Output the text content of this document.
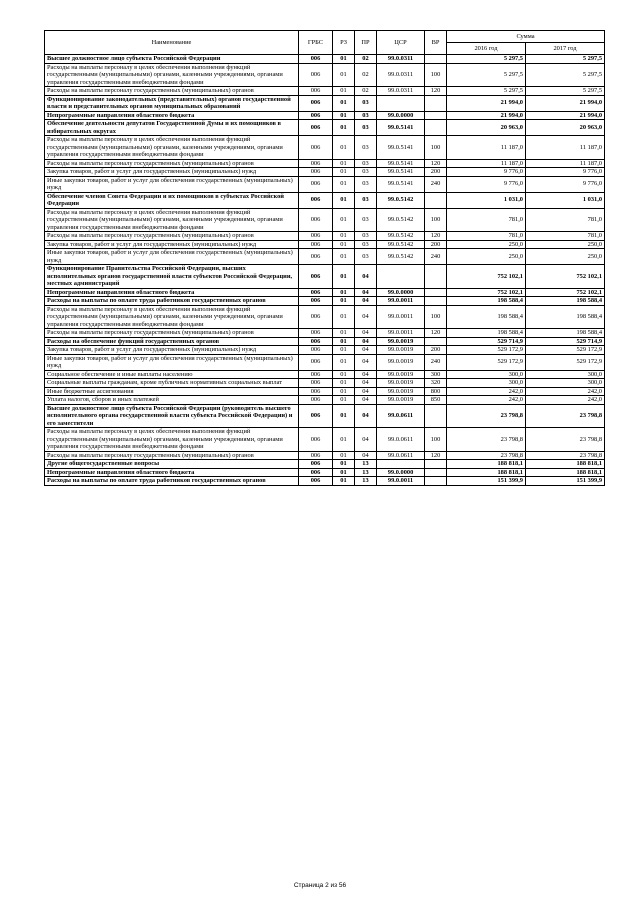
Наименование	ГРБС	РЗ	ПР	ЦСР	ВР	Сумма	
						2016 год	2017 год
Высшее должностное лицо субъекта Российской Федерации	006	01	02	99.0.0311		5 297,5	5 297,5
Расходы на выплаты персоналу в целях обеспечения выполнения функций государственными (муниципальными) органами, казенными учреждениями, органами управления государственными внебюджетными фондами	006	01	02	99.0.0311	100	5 297,5	5 297,5
Расходы на выплаты персоналу государственных (муниципальных) органов	006	01	02	99.0.0311	120	5 297,5	5 297,5
Функционирование законодательных (представительных) органов государственной власти и представительных органов муниципальных образований	006	01	03			21 994,0	21 994,0
Непрограммные направления областного бюджета	006	01	03	99.0.0000		21 994,0	21 994,0
Обеспечение деятельности депутатов Государственной Думы и их помощников в избирательных округах	006	01	03	99.0.5141		20 963,0	20 963,0
Расходы на выплаты персоналу в целях обеспечения выполнения функций государственными (муниципальными) органами, казенными учреждениями, органами управления государственными внебюджетными фондами	006	01	03	99.0.5141	100	11 187,0	11 187,0
Расходы на выплаты персоналу государственных (муниципальных) органов	006	01	03	99.0.5141	120	11 187,0	11 187,0
Закупка товаров, работ и услуг для государственных (муниципальных) нужд	006	01	03	99.0.5141	200	9 776,0	9 776,0
Иные закупки товаров, работ и услуг для обеспечения государственных (муниципальных) нужд	006	01	03	99.0.5141	240	9 776,0	9 776,0
Обеспечение членов Совета Федерации и их помощников в субъектах Российской Федерации	006	01	03	99.0.5142		1 031,0	1 031,0
Расходы на выплаты персоналу в целях обеспечения выполнения функций государственными (муниципальными) органами, казенными учреждениями, органами управления государственными внебюджетными фондами	006	01	03	99.0.5142	100	781,0	781,0
Расходы на выплаты персоналу государственных (муниципальных) органов	006	01	03	99.0.5142	120	781,0	781,0
Закупка товаров, работ и услуг для государственных (муниципальных) нужд	006	01	03	99.0.5142	200	250,0	250,0
Иные закупки товаров, работ и услуг для обеспечения государственных (муниципальных) нужд	006	01	03	99.0.5142	240	250,0	250,0
Функционирование Правительства Российской Федерации, высших исполнительных органов государственной власти субъектов Российской Федерации, местных администраций	006	01	04			752 102,1	752 102,1
Непрограммные направления областного бюджета	006	01	04	99.0.0000		752 102,1	752 102,1
Расходы на выплаты по оплате труда работников государственных органов	006	01	04	99.0.0011		198 588,4	198 588,4
Расходы на выплаты персоналу в целях обеспечения выполнения функций государственными (муниципальными) органами, казенными учреждениями, органами управления государственными внебюджетными фондами	006	01	04	99.0.0011	100	198 588,4	198 588,4
Расходы на выплаты персоналу государственных (муниципальных) органов	006	01	04	99.0.0011	120	198 588,4	198 588,4
Расходы на обеспечение функций государственных органов	006	01	04	99.0.0019		529 714,9	529 714,9
Закупка товаров, работ и услуг для государственных (муниципальных) нужд	006	01	04	99.0.0019	200	529 172,9	529 172,9
Иные закупки товаров, работ и услуг для обеспечения государственных (муниципальных) нужд	006	01	04	99.0.0019	240	529 172,9	529 172,9
Социальное обеспечение и иные выплаты населению	006	01	04	99.0.0019	300	300,0	300,0
Социальные выплаты гражданам, кроме публичных нормативных социальных выплат	006	01	04	99.0.0019	320	300,0	300,0
Иные бюджетные ассигнования	006	01	04	99.0.0019	800	242,0	242,0
Уплата налогов, сборов и иных платежей	006	01	04	99.0.0019	850	242,0	242,0
Высшее должностное лицо субъекта Российской Федерации (руководитель высшего исполнительного органа государственной власти субъекта Российской Федерации) и его заместители	006	01	04	99.0.0611		23 798,8	23 798,8
Расходы на выплаты персоналу в целях обеспечения выполнения функций государственными (муниципальными) органами, казенными учреждениями, органами управления государственными внебюджетными фондами	006	01	04	99.0.0611	100	23 798,8	23 798,8
Расходы на выплаты персоналу государственных (муниципальных) органов	006	01	04	99.0.0611	120	23 798,8	23 798,8
Другие общегосударственные вопросы	006	01	13			188 818,1	188 818,1
Непрограммные направления областного бюджета	006	01	13	99.0.0000		188 818,1	188 818,1
Расходы на выплаты по оплате труда работников государственных органов	006	01	13	99.0.0011		151 399,9	151 399,9
Страница 2 из 56
